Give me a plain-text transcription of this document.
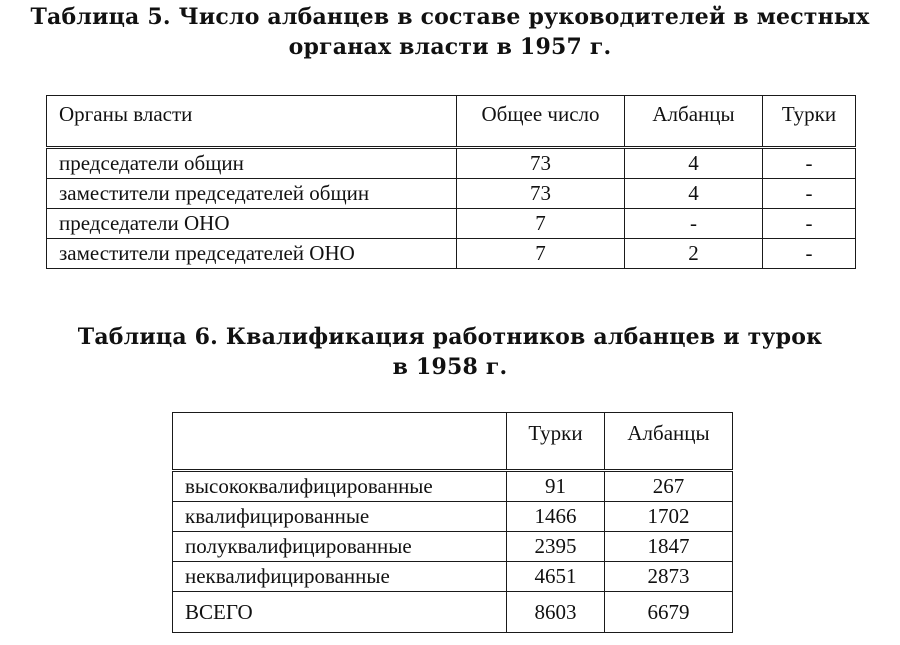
Таблица 5. Число албанцев в составе руководителей в местных
органах власти в 1957 г.
Органы власти	Общее число	Албанцы	Турки
председатели общин	73	4	-
заместители председателей общин	73	4	-
председатели ОНО	7	-	-
заместители председателей ОНО	7	2	-
Таблица 6. Квалификация работников албанцев и турок
в 1958 г.
	Турки	Албанцы
высококвалифицированные	91	267
квалифицированные	1466	1702
полуквалифицированные	2395	1847
неквалифицированные	4651	2873
ВСЕГО	8603	6679
